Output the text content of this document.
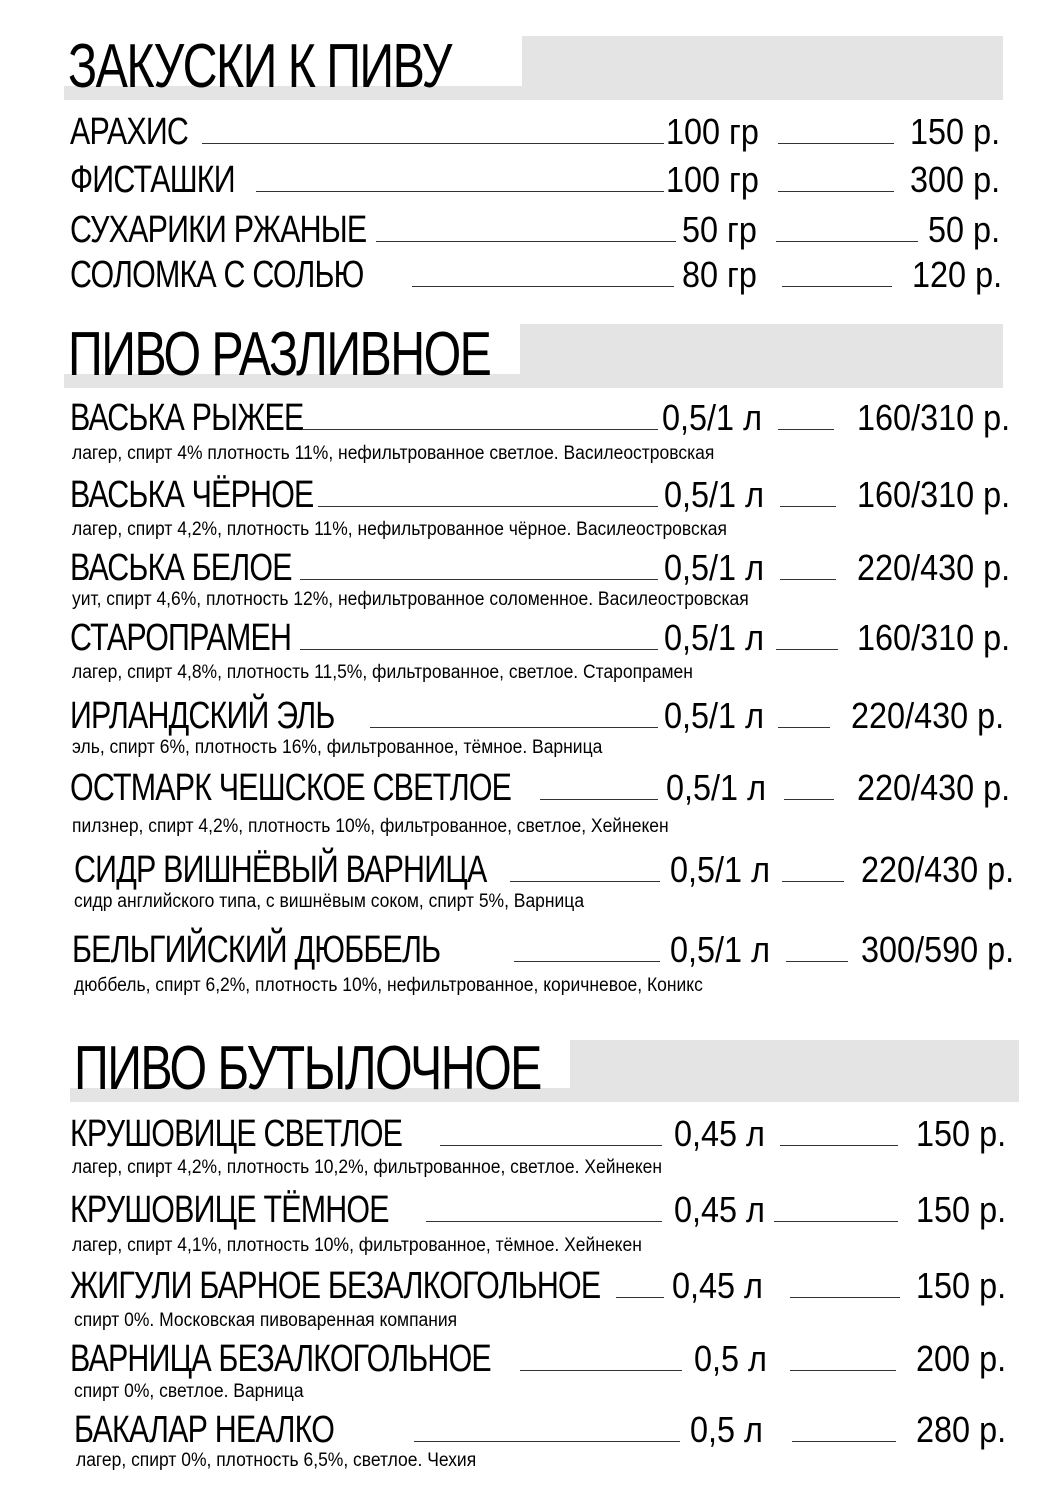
ЗАКУСКИ К ПИВУ
АРАХИС	100 гр	150 р.
ФИСТАШКИ	100 гр	300 р.
СУХАРИКИ РЖАНЫЕ	50 гр	50 р.
СОЛОМКА С СОЛЬЮ	80 гр	120 р.
ПИВО РАЗЛИВНОЕ
ВАСЬКА РЫЖЕЕ	0,5/1 л	160/310 р.
лагер, спирт 4% плотность 11%, нефильтрованное светлое. Василеостровская
ВАСЬКА ЧЁРНОЕ	0,5/1 л	160/310 р.
лагер, спирт 4,2%, плотность 11%, нефильтрованное чёрное. Василеостровская
ВАСЬКА БЕЛОЕ	0,5/1 л	220/430 р.
уит, спирт 4,6%, плотность 12%, нефильтрованное соломенное. Василеостровская
СТАРОПРАМЕН	0,5/1 л	160/310 р.
лагер, спирт 4,8%, плотность 11,5%, фильтрованное, светлое. Старопрамен
ИРЛАНДСКИЙ ЭЛЬ	0,5/1 л 220/430 р.
эль, спирт 6%, плотность 16%, фильтрованное, тёмное. Варница
ОСТМАРК ЧЕШСКОЕ СВЕТЛОЕ	0,5/1 л	220/430 р.
пилзнер, спирт 4,2%, плотность 10%, фильтрованное, светлое, Хейнекен
СИДР ВИШНЁВЫЙ ВАРНИЦА	0,5/1 л	220/430 р.
сидр английского типа, с вишнёвым соком, спирт 5%, Варница
БЕЛЬГИЙСКИЙ ДЮББЕЛЬ	0,5/1 л	300/590 р.
дюббель, спирт 6,2%, плотность 10%, нефильтрованное, коричневое, Коникс
ПИВО БУТЫЛОЧНОЕ
КРУШОВИЦЕ СВЕТЛОЕ	0,45 л	150 р.
лагер, спирт 4,2%, плотность 10,2%, фильтрованное, светлое. Хейнекен
КРУШОВИЦЕ ТЁМНОЕ	0,45 л	150 р.
лагер, спирт 4,1%, плотность 10%, фильтрованное, тёмное. Хейнекен
ЖИГУЛИ БАРНОЕ БЕЗАЛКОГОЛЬНОЕ 0,45 л	150 р.
спирт 0%. Московская пивоваренная компания
ВАРНИЦА БЕЗАЛКОГОЛЬНОЕ	0,5 л	200 р.
спирт 0%, светлое. Варница
БАКАЛАР НЕАЛКО	0,5 л	280 р.
лагер, спирт 0%, плотность 6,5%, светлое. Чехия
